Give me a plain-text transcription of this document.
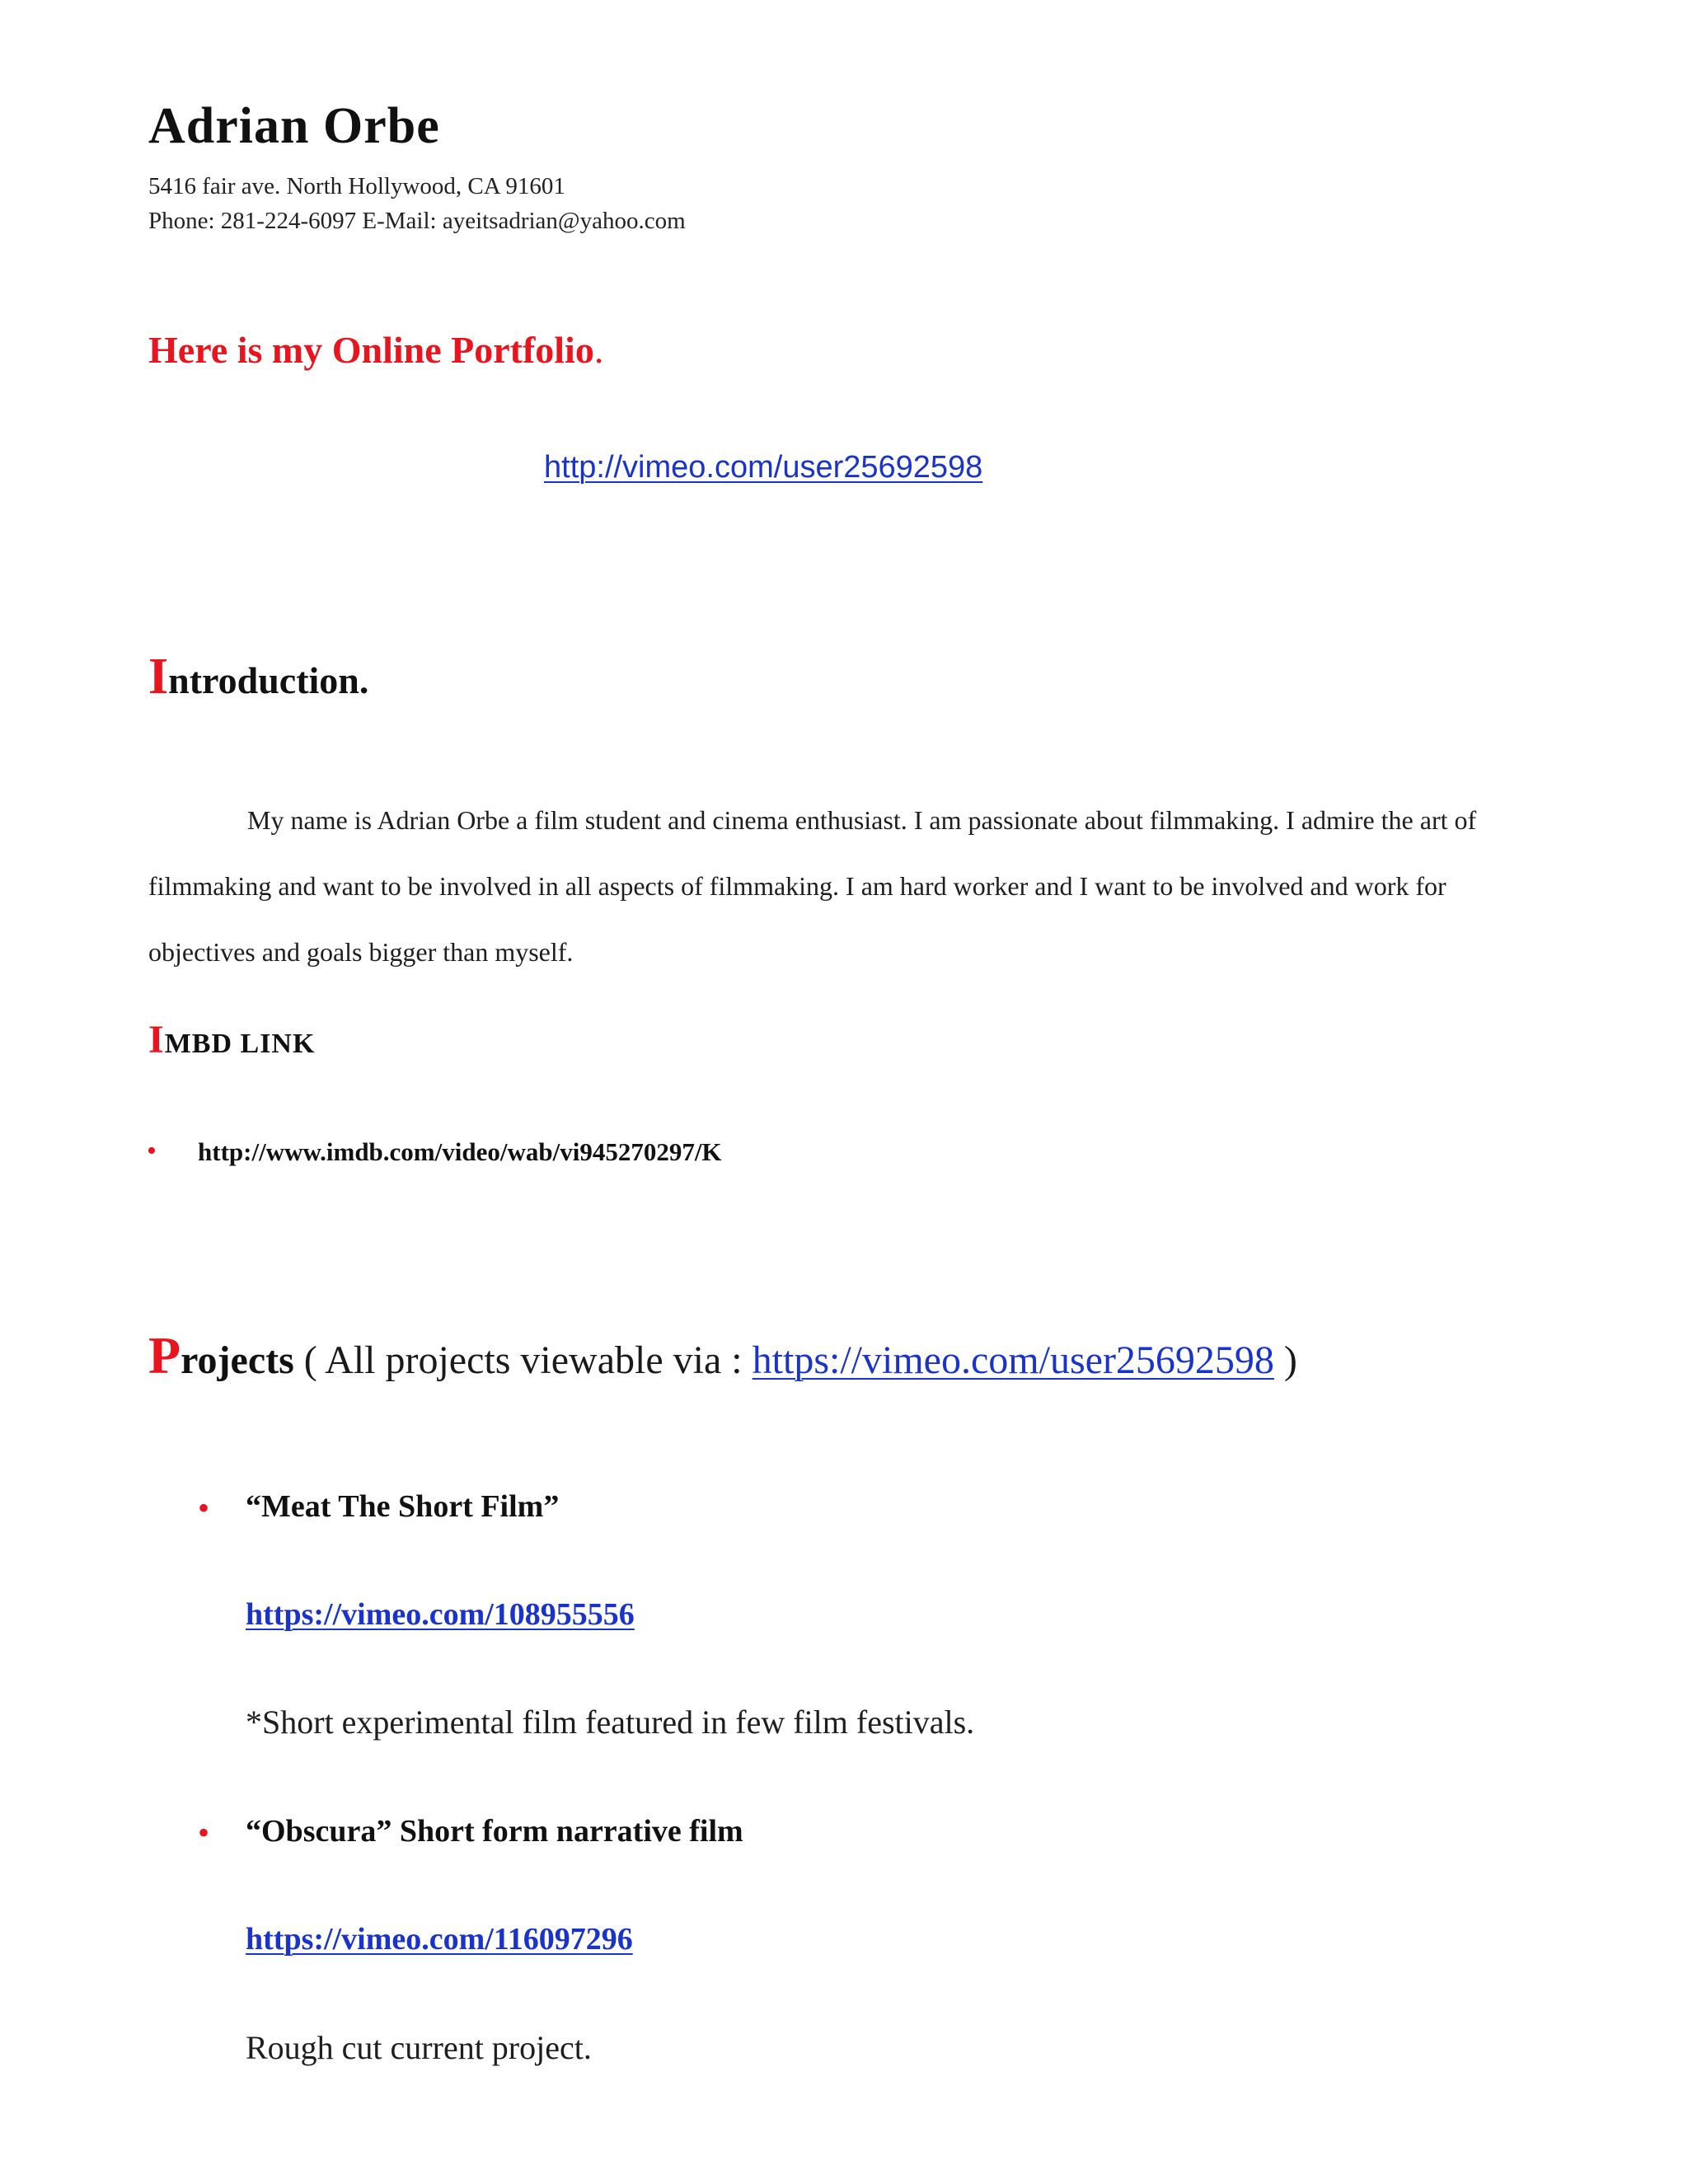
Adrian Orbe
5416 fair ave. North Hollywood, CA 91601
Phone: 281-224-6097 E-Mail: ayeitsadrian@yahoo.com
Here is my Online Portfolio.
http://vimeo.com/user25692598
Introduction.
My name is Adrian Orbe a film student and cinema enthusiast. I am passionate about filmmaking. I admire the art of filmmaking and want to be involved in all aspects of filmmaking. I am hard worker and I want to be involved and work for objectives and goals bigger than myself.
IMBD LINK
• http://www.imdb.com/video/wab/vi945270297/K
Projects ( All projects viewable via : https://vimeo.com/user25692598 )
• “Meat The Short Film”
https://vimeo.com/108955556
*Short experimental film featured in few film festivals.
• “Obscura” Short form narrative film
https://vimeo.com/116097296
Rough cut current project.
